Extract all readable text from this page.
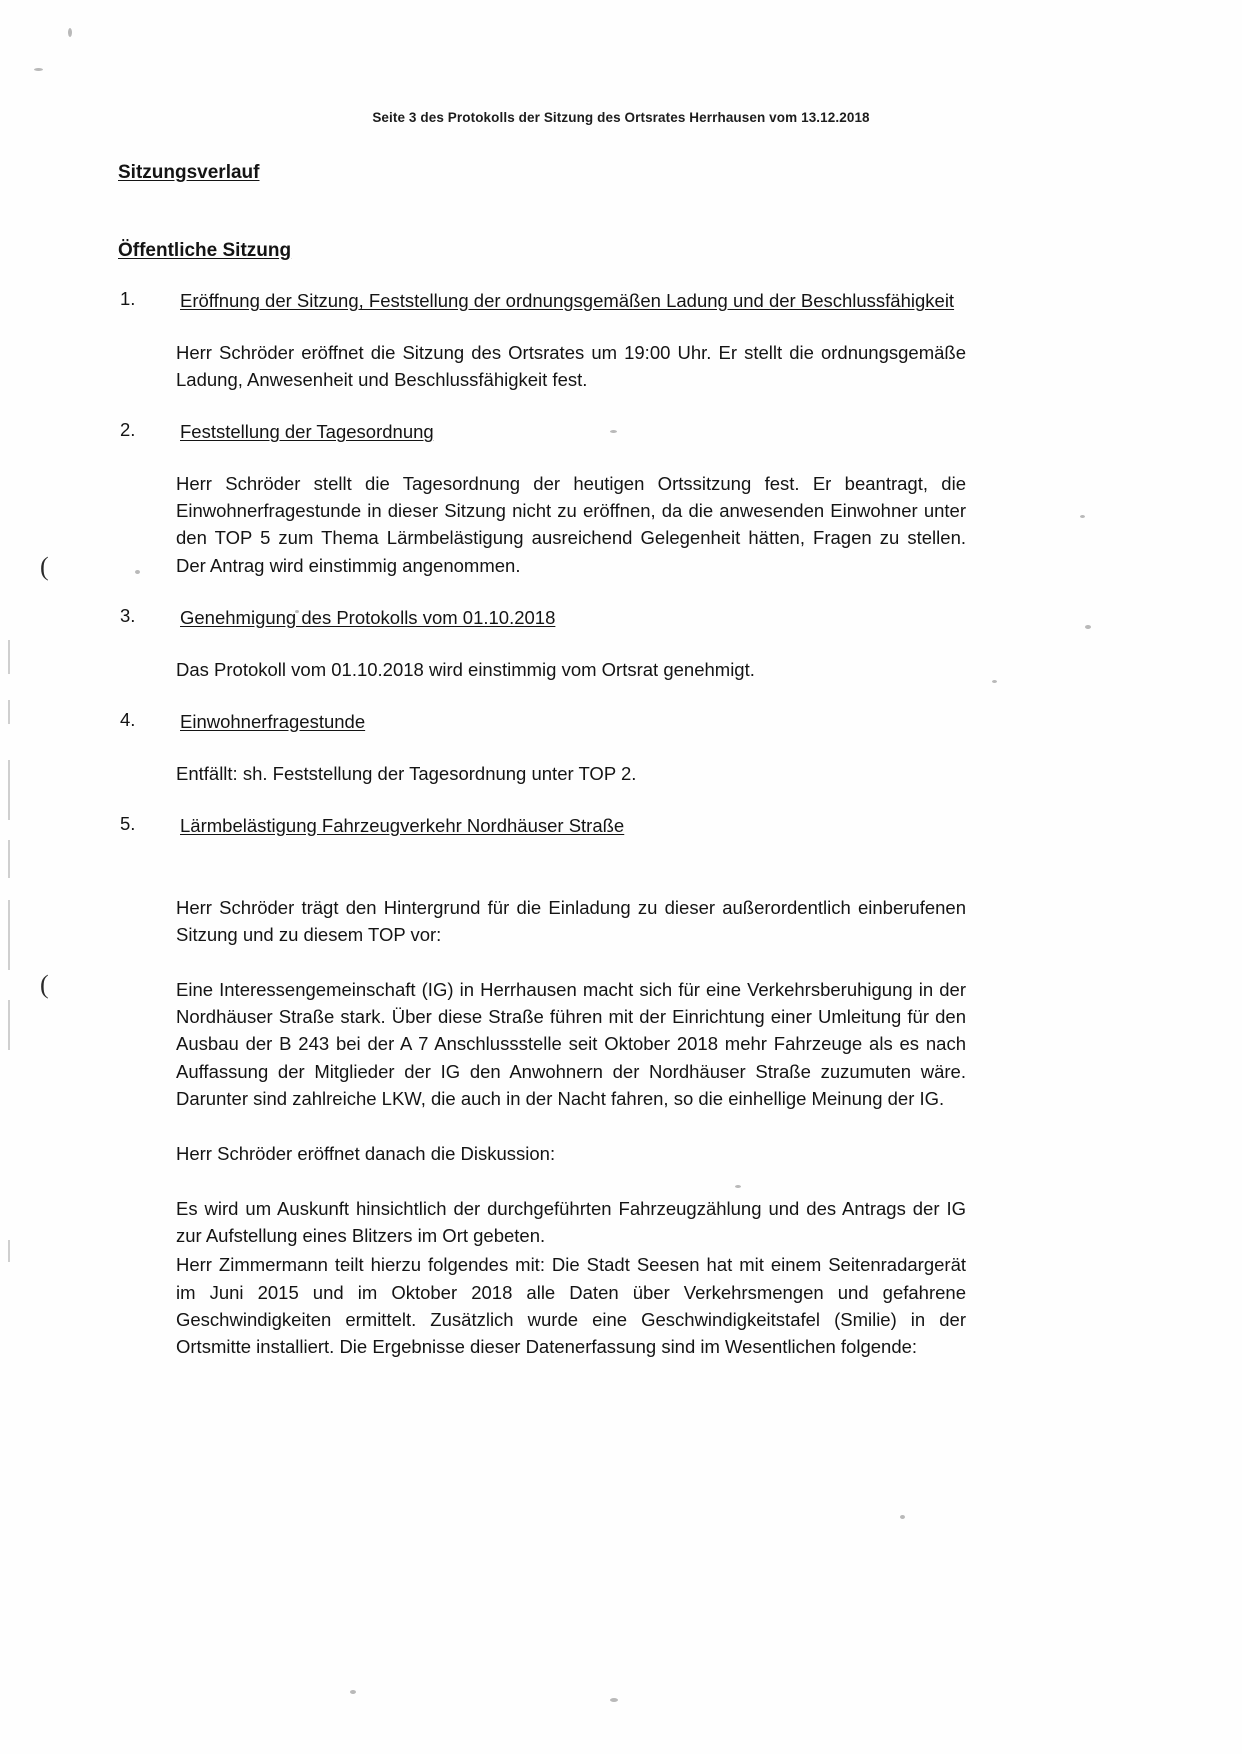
(
(
Seite 3 des Protokolls der Sitzung des Ortsrates Herrhausen vom 13.12.2018
Sitzungsverlauf
Öffentliche Sitzung
1.	Eröffnung der Sitzung, Feststellung der ordnungsgemäßen Ladung und der Beschlussfähigkeit
Herr Schröder eröffnet die Sitzung des Ortsrates um 19:00 Uhr. Er stellt die ordnungsgemäße Ladung, Anwesenheit und Beschlussfähigkeit fest.
2.	Feststellung der Tagesordnung
Herr Schröder stellt die Tagesordnung der heutigen Ortssitzung fest. Er beantragt, die Einwohnerfragestunde in dieser Sitzung nicht zu eröffnen, da die anwesenden Einwohner unter den TOP 5 zum Thema Lärmbelästigung ausreichend Gelegenheit hätten, Fragen zu stellen. Der Antrag wird einstimmig angenommen.
3.	Genehmigung des Protokolls vom 01.10.2018
Das Protokoll vom 01.10.2018 wird einstimmig vom Ortsrat genehmigt.
4.	Einwohnerfragestunde
Entfällt: sh. Feststellung der Tagesordnung unter TOP 2.
5.	Lärmbelästigung Fahrzeugverkehr Nordhäuser Straße
Herr Schröder trägt den Hintergrund für die Einladung zu dieser außerordentlich einberufenen Sitzung und zu diesem TOP vor:
Eine Interessengemeinschaft (IG) in Herrhausen macht sich für eine Verkehrsberuhigung in der Nordhäuser Straße stark. Über diese Straße führen mit der Einrichtung einer Umleitung für den Ausbau der B 243 bei der A 7 Anschlussstelle seit Oktober 2018 mehr Fahrzeuge als es nach Auffassung der Mitglieder der IG den Anwohnern der Nordhäuser Straße zuzumuten wäre. Darunter sind zahlreiche LKW, die auch in der Nacht fahren, so die einhellige Meinung der IG.
Herr Schröder eröffnet danach die Diskussion:
Es wird um Auskunft hinsichtlich der durchgeführten Fahrzeugzählung und des Antrags der IG zur Aufstellung eines Blitzers im Ort gebeten.
Herr Zimmermann teilt hierzu folgendes mit: Die Stadt Seesen hat mit einem Seitenradargerät im Juni 2015 und im Oktober 2018 alle Daten über Verkehrsmengen und gefahrene Geschwindigkeiten ermittelt. Zusätzlich wurde eine Geschwindigkeitstafel (Smilie) in der Ortsmitte installiert. Die Ergebnisse dieser Datenerfassung sind im Wesentlichen folgende:
